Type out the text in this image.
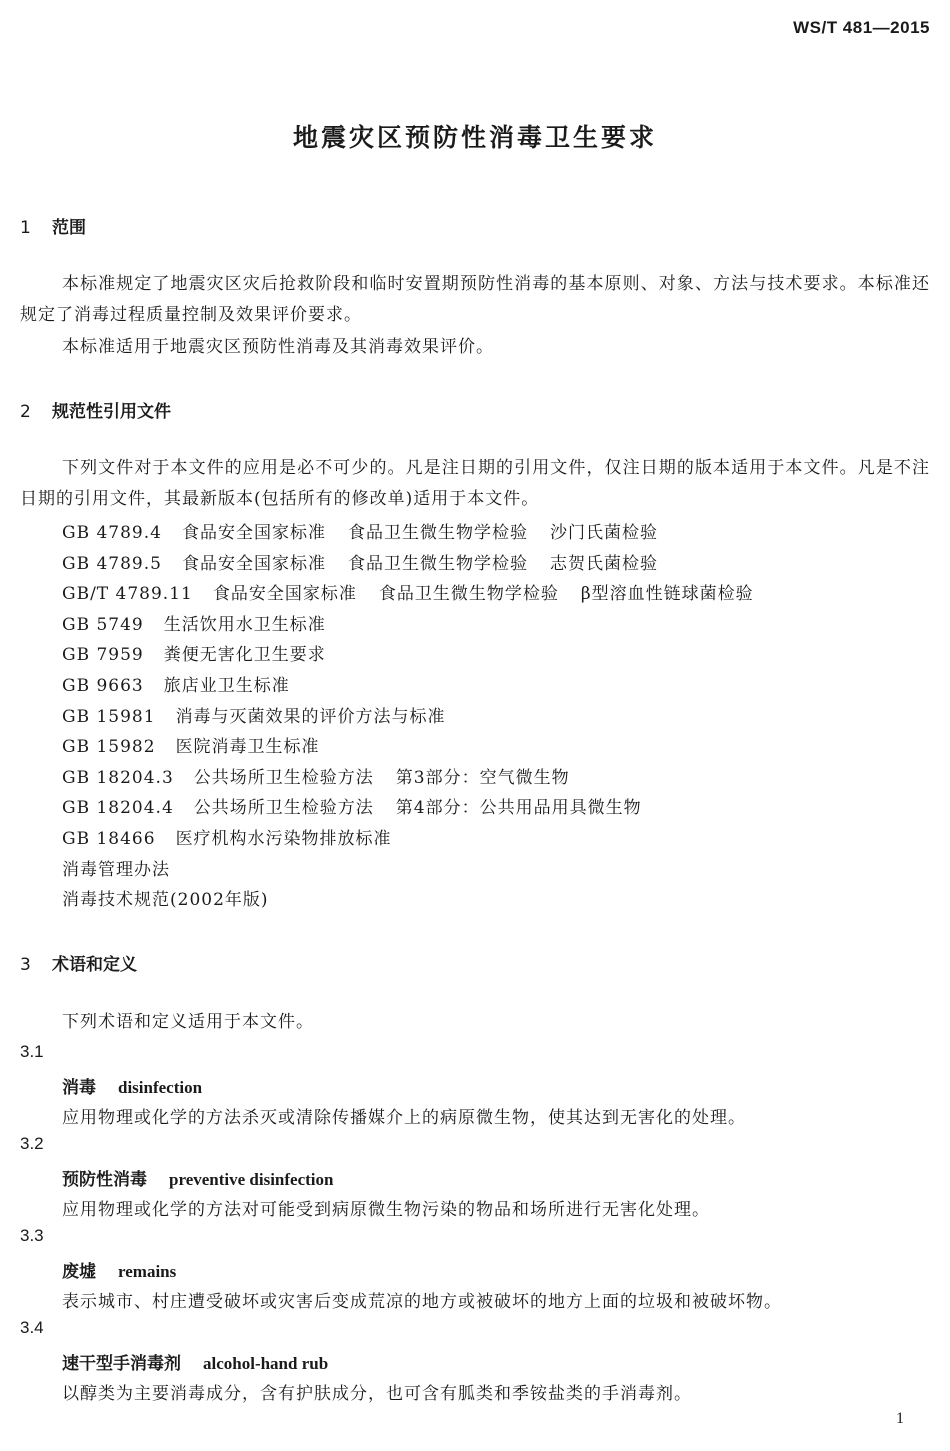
WS/T 481—2015
地震灾区预防性消毒卫生要求
1 范围
本标准规定了地震灾区灾后抢救阶段和临时安置期预防性消毒的基本原则、对象、方法与技术要求。本标准还规定了消毒过程质量控制及效果评价要求。
本标准适用于地震灾区预防性消毒及其消毒效果评价。
2 规范性引用文件
下列文件对于本文件的应用是必不可少的。凡是注日期的引用文件，仅注日期的版本适用于本文件。凡是不注日期的引用文件，其最新版本(包括所有的修改单)适用于本文件。
GB 4789.4 食品安全国家标准 食品卫生微生物学检验 沙门氏菌检验
GB 4789.5 食品安全国家标准 食品卫生微生物学检验 志贺氏菌检验
GB/T 4789.11 食品安全国家标准 食品卫生微生物学检验 β型溶血性链球菌检验
GB 5749 生活饮用水卫生标准
GB 7959 粪便无害化卫生要求
GB 9663 旅店业卫生标准
GB 15981 消毒与灭菌效果的评价方法与标准
GB 15982 医院消毒卫生标准
GB 18204.3 公共场所卫生检验方法 第3部分：空气微生物
GB 18204.4 公共场所卫生检验方法 第4部分：公共用品用具微生物
GB 18466 医疗机构水污染物排放标准
消毒管理办法
消毒技术规范(2002年版)
3 术语和定义
下列术语和定义适用于本文件。
3.1
消毒 disinfection
应用物理或化学的方法杀灭或清除传播媒介上的病原微生物，使其达到无害化的处理。
3.2
预防性消毒 preventive disinfection
应用物理或化学的方法对可能受到病原微生物污染的物品和场所进行无害化处理。
3.3
废墟 remains
表示城市、村庄遭受破坏或灾害后变成荒凉的地方或被破坏的地方上面的垃圾和被破坏物。
3.4
速干型手消毒剂 alcohol-hand rub
以醇类为主要消毒成分，含有护肤成分，也可含有胍类和季铵盐类的手消毒剂。
1
